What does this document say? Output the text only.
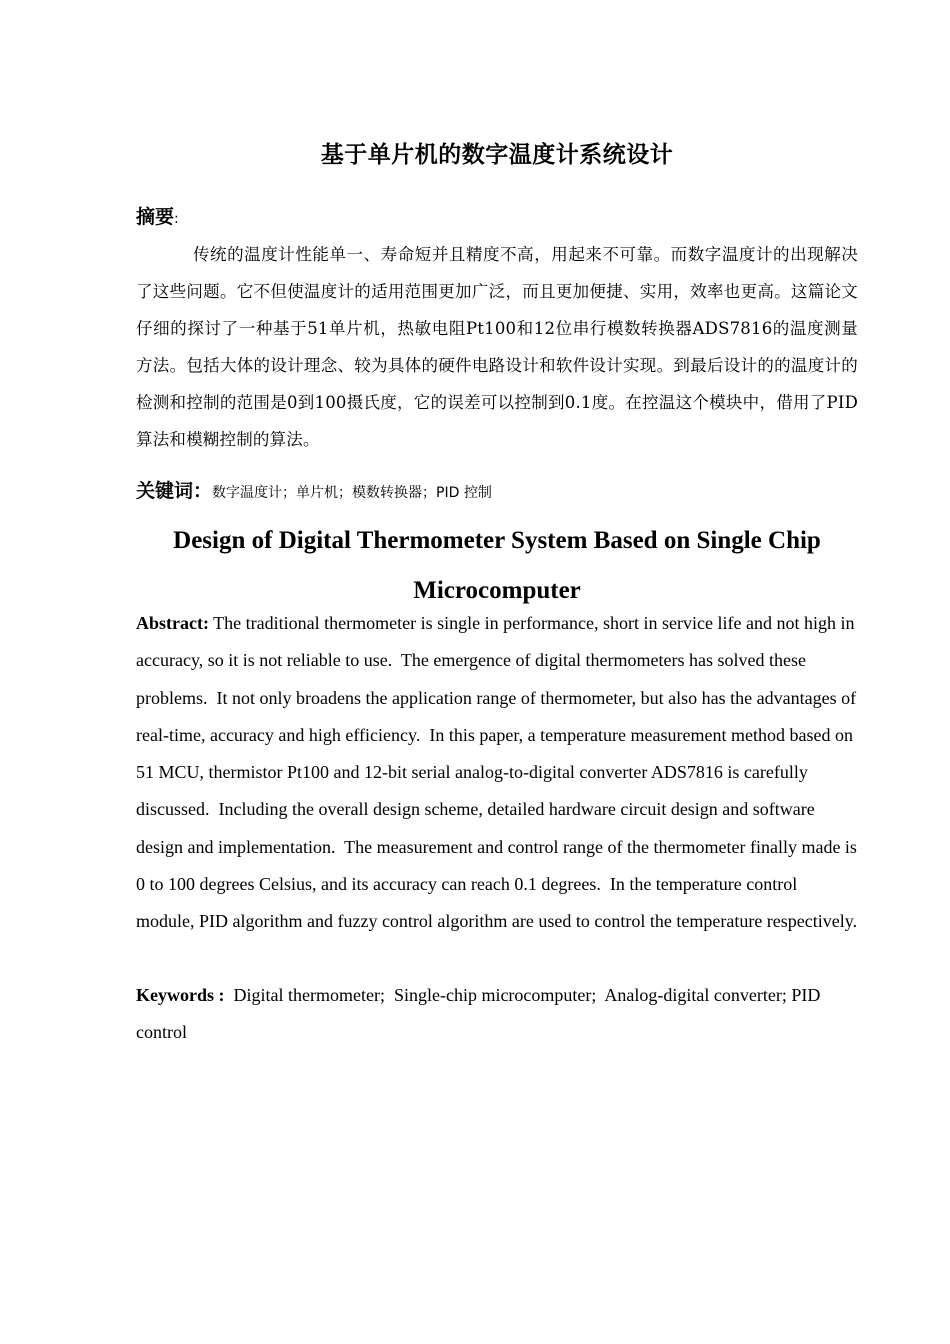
基于单片机的数字温度计系统设计
摘要:
传统的温度计性能单一、寿命短并且精度不高，用起来不可靠。而数字温度计的出现解决了这些问题。它不但使温度计的适用范围更加广泛，而且更加便捷、实用，效率也更高。这篇论文仔细的探讨了一种基于51单片机，热敏电阻Pt100和12位串行模数转换器ADS7816的温度测量方法。包括大体的设计理念、较为具体的硬件电路设计和软件设计实现。到最后设计的的温度计的检测和控制的范围是0到100摄氏度，它的误差可以控制到0.1度。在控温这个模块中，借用了PID 算法和模糊控制的算法。
关键词：数字温度计；单片机；模数转换器；PID 控制
Design of Digital Thermometer System Based on Single Chip Microcomputer
Abstract: The traditional thermometer is single in performance, short in service life and not high in accuracy, so it is not reliable to use.  The emergence of digital thermometers has solved these problems.  It not only broadens the application range of thermometer, but also has the advantages of real-time, accuracy and high efficiency.  In this paper, a temperature measurement method based on 51 MCU, thermistor Pt100 and 12-bit serial analog-to-digital converter ADS7816 is carefully discussed.  Including the overall design scheme, detailed hardware circuit design and software design and implementation.  The measurement and control range of the thermometer finally made is 0 to 100 degrees Celsius, and its accuracy can reach 0.1 degrees.  In the temperature control module, PID algorithm and fuzzy control algorithm are used to control the temperature respectively.
Keywords :  Digital thermometer;  Single-chip microcomputer;  Analog-digital converter; PID control
